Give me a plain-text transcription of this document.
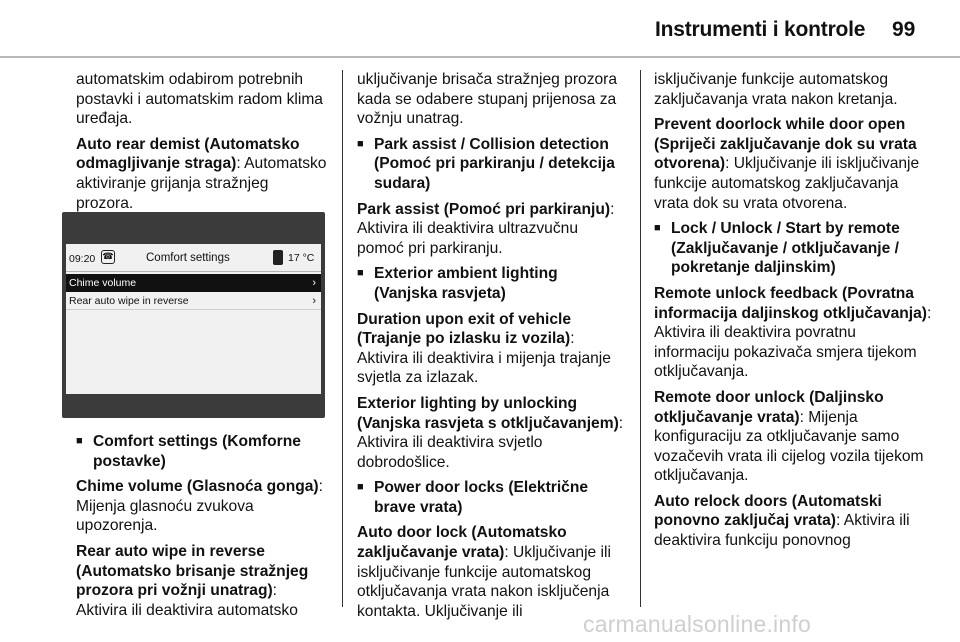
Instrumenti i kontrole 99

automatskim odabirom potrebnih postavki i automatskim radom klima uređaja.

Auto rear demist (Automatsko odmagljivanje straga): Automatsko aktiviranje grijanja stražnjeg prozora.

09:20 ☎	Comfort settings	17 °C
Chime volume	›
Rear auto wipe in reverse	›

■ Comfort settings (Komforne postavke)

Chime volume (Glasnoća gonga): Mijenja glasnoću zvukova upozorenja.

Rear auto wipe in reverse (Automatsko brisanje stražnjeg prozora pri vožnji unatrag): Aktivira ili deaktivira automatsko

uključivanje brisača stražnjeg prozora kada se odabere stupanj prijenosa za vožnju unatrag.

■ Park assist / Collision detection (Pomoć pri parkiranju / detekcija sudara)

Park assist (Pomoć pri parkiranju): Aktivira ili deaktivira ultrazvučnu pomoć pri parkiranju.

■ Exterior ambient lighting (Vanjska rasvjeta)

Duration upon exit of vehicle (Trajanje po izlasku iz vozila): Aktivira ili deaktivira i mijenja trajanje svjetla za izlazak.

Exterior lighting by unlocking (Vanjska rasvjeta s otključavanjem): Aktivira ili deaktivira svjetlo dobrodošlice.

■ Power door locks (Električne brave vrata)

Auto door lock (Automatsko zaključavanje vrata): Uključivanje ili isključivanje funkcije automatskog otključavanja vrata nakon isključenja kontakta. Uključivanje ili

isključivanje funkcije automatskog zaključavanja vrata nakon kretanja.

Prevent doorlock while door open (Spriječi zaključavanje dok su vrata otvorena): Uključivanje ili isključivanje funkcije automatskog zaključavanja vrata dok su vrata otvorena.

■ Lock / Unlock / Start by remote (Zaključavanje / otključavanje / pokretanje daljinskim)

Remote unlock feedback (Povratna informacija daljinskog otključavanja): Aktivira ili deaktivira povratnu informaciju pokazivača smjera tijekom otključavanja.

Remote door unlock (Daljinsko otključavanje vrata): Mijenja konfiguraciju za otključavanje samo vozačevih vrata ili cijelog vozila tijekom otključavanja.

Auto relock doors (Automatski ponovno zaključaj vrata): Aktivira ili deaktivira funkciju ponovnog

carmanualsonline.info
